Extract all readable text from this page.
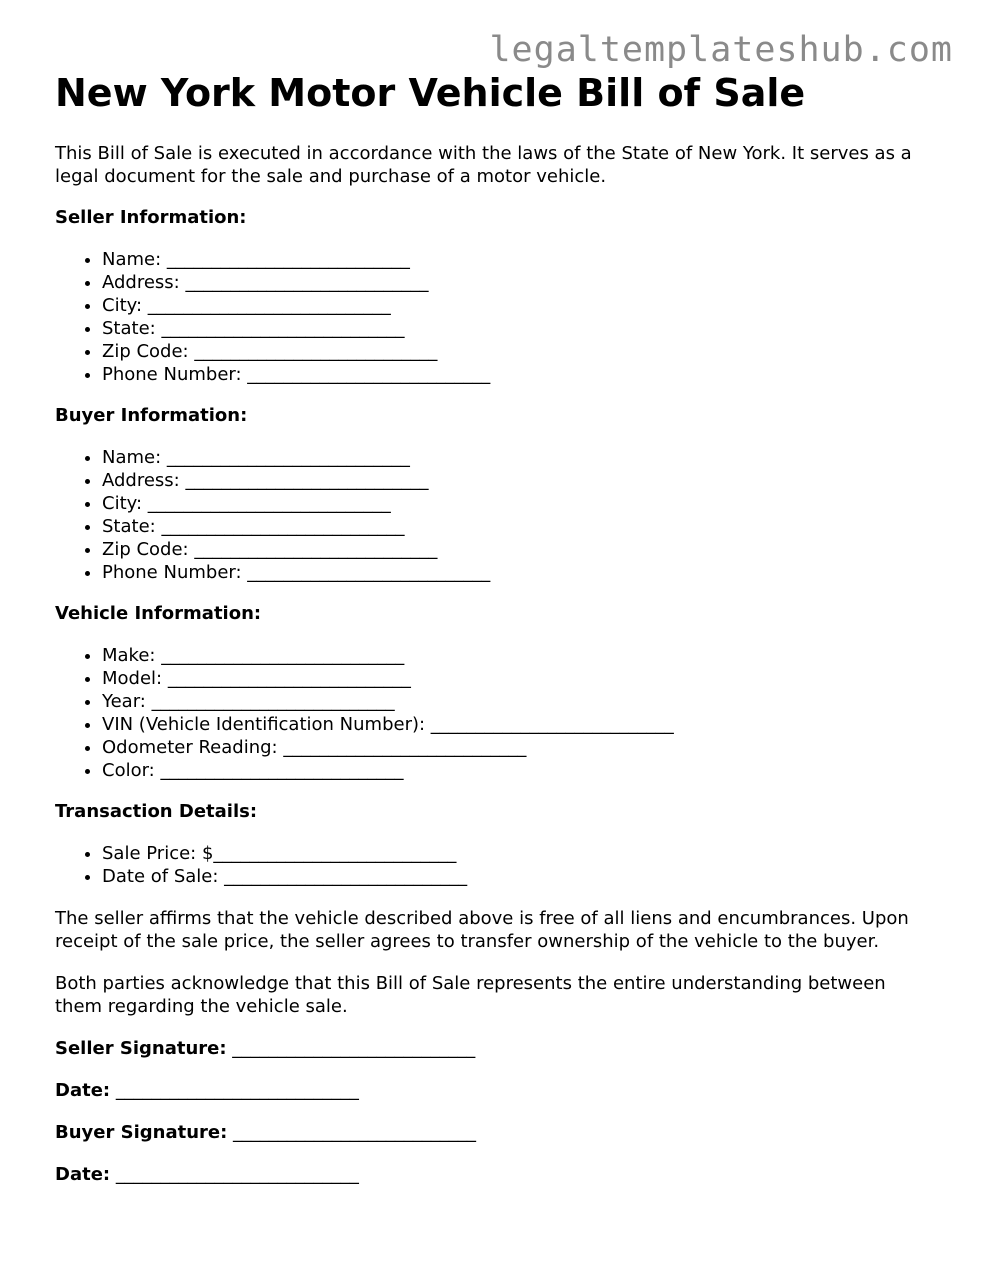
legaltemplateshub.com
New York Motor Vehicle Bill of Sale

This Bill of Sale is executed in accordance with the laws of the State of New York. It serves as a legal document for the sale and purchase of a motor vehicle.

Seller Information:
• Name: ___________________________
• Address: ___________________________
• City: ___________________________
• State: ___________________________
• Zip Code: ___________________________
• Phone Number: ___________________________
Buyer Information:
• Name: ___________________________
• Address: ___________________________
• City: ___________________________
• State: ___________________________
• Zip Code: ___________________________
• Phone Number: ___________________________
Vehicle Information:
• Make: ___________________________
• Model: ___________________________
• Year: ___________________________
• VIN (Vehicle Identification Number): ___________________________
• Odometer Reading: ___________________________
• Color: ___________________________
Transaction Details:
• Sale Price: $___________________________
• Date of Sale: ___________________________

The seller affirms that the vehicle described above is free of all liens and encumbrances. Upon receipt of the sale price, the seller agrees to transfer ownership of the vehicle to the buyer.

Both parties acknowledge that this Bill of Sale represents the entire understanding between them regarding the vehicle sale.

Seller Signature: ___________________________
Date: ___________________________
Buyer Signature: ___________________________
Date: ___________________________
